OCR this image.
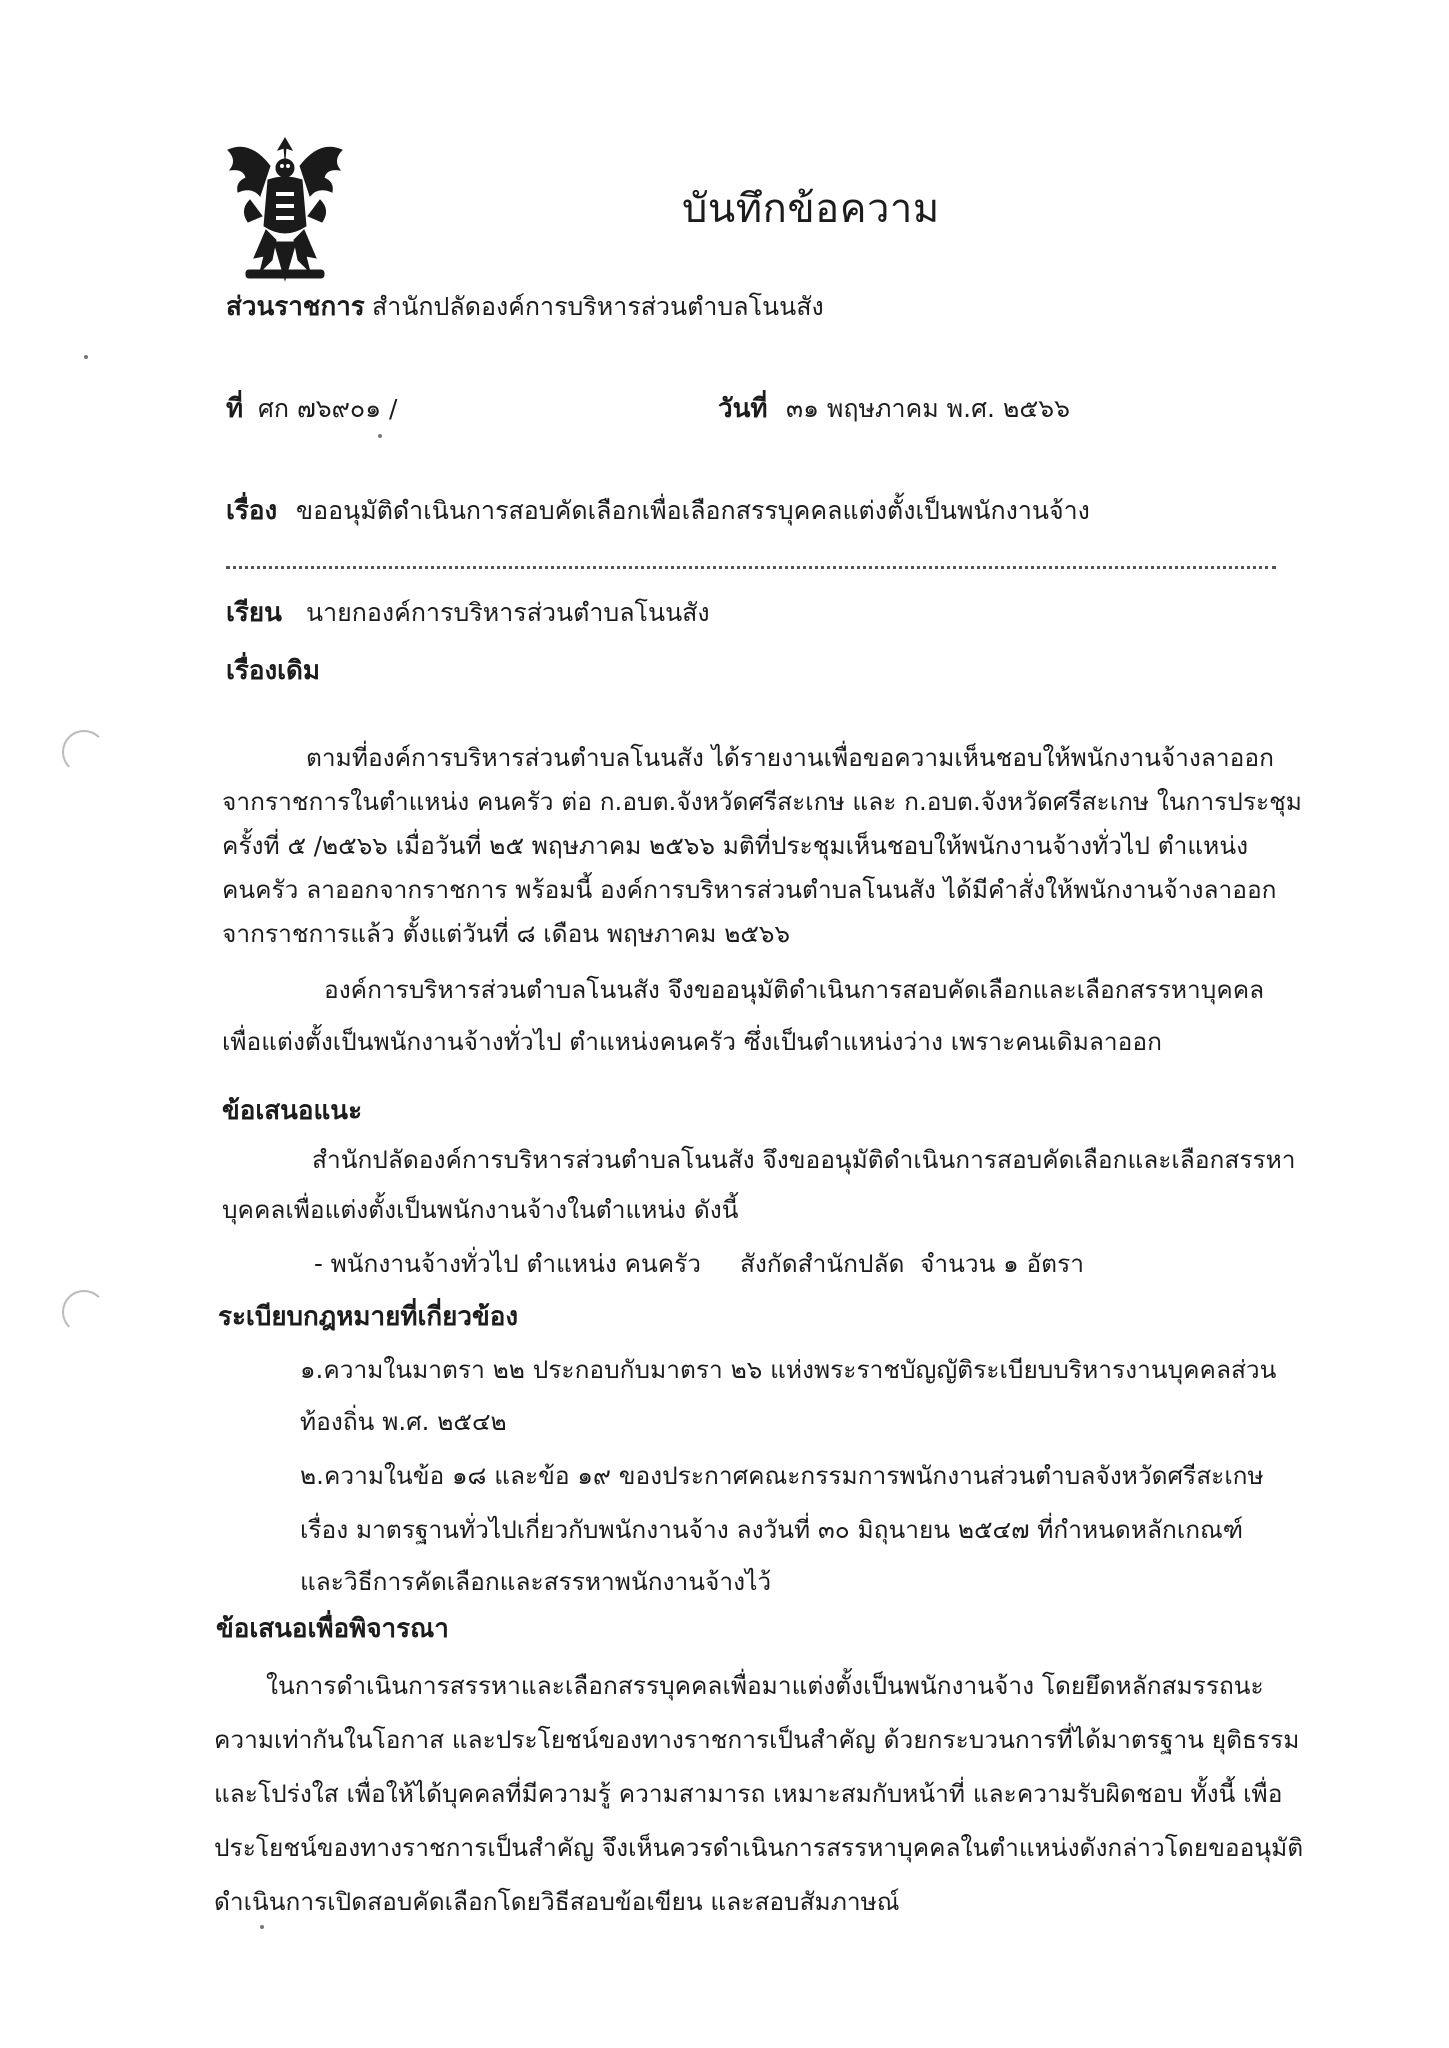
บันทึกข้อความ
ส่วนราชการ สำนักปลัดองค์การบริหารส่วนตำบลโนนสัง
ที่ ศก ๗๖๙๐๑ /	วันที่ ๓๑ พฤษภาคม พ.ศ. ๒๕๖๖
เรื่อง ขออนุมัติดำเนินการสอบคัดเลือกเพื่อเลือกสรรบุคคลแต่งตั้งเป็นพนักงานจ้าง
เรียน นายกองค์การบริหารส่วนตำบลโนนสัง
เรื่องเดิม
ตามที่องค์การบริหารส่วนตำบลโนนสัง ได้รายงานเพื่อขอความเห็นชอบให้พนักงานจ้างลาออก
จากราชการในตำแหน่ง คนครัว ต่อ ก.อบต.จังหวัดศรีสะเกษ และ ก.อบต.จังหวัดศรีสะเกษ ในการประชุม
ครั้งที่ ๕ /๒๕๖๖ เมื่อวันที่ ๒๕ พฤษภาคม ๒๕๖๖ มติที่ประชุมเห็นชอบให้พนักงานจ้างทั่วไป ตำแหน่ง
คนครัว ลาออกจากราชการ พร้อมนี้ องค์การบริหารส่วนตำบลโนนสัง ได้มีคำสั่งให้พนักงานจ้างลาออก
จากราชการแล้ว ตั้งแต่วันที่ ๘ เดือน พฤษภาคม ๒๕๖๖
องค์การบริหารส่วนตำบลโนนสัง จึงขออนุมัติดำเนินการสอบคัดเลือกและเลือกสรรหาบุคคล
เพื่อแต่งตั้งเป็นพนักงานจ้างทั่วไป ตำแหน่งคนครัว ซึ่งเป็นตำแหน่งว่าง เพราะคนเดิมลาออก
ข้อเสนอแนะ
สำนักปลัดองค์การบริหารส่วนตำบลโนนสัง จึงขออนุมัติดำเนินการสอบคัดเลือกและเลือกสรรหา
บุคคลเพื่อแต่งตั้งเป็นพนักงานจ้างในตำแหน่ง ดังนี้
- พนักงานจ้างทั่วไป ตำแหน่ง คนครัว     สังกัดสำนักปลัด  จำนวน ๑ อัตรา
ระเบียบกฎหมายที่เกี่ยวข้อง
๑.ความในมาตรา ๒๒ ประกอบกับมาตรา ๒๖ แห่งพระราชบัญญัติระเบียบบริหารงานบุคคลส่วน
ท้องถิ่น พ.ศ. ๒๕๔๒
๒.ความในข้อ ๑๘ และข้อ ๑๙ ของประกาศคณะกรรมการพนักงานส่วนตำบลจังหวัดศรีสะเกษ
เรื่อง มาตรฐานทั่วไปเกี่ยวกับพนักงานจ้าง ลงวันที่ ๓๐ มิถุนายน ๒๕๔๗ ที่กำหนดหลักเกณฑ์
และวิธีการคัดเลือกและสรรหาพนักงานจ้างไว้
ข้อเสนอเพื่อพิจารณา
ในการดำเนินการสรรหาและเลือกสรรบุคคลเพื่อมาแต่งตั้งเป็นพนักงานจ้าง โดยยึดหลักสมรรถนะ
ความเท่ากันในโอกาส และประโยชน์ของทางราชการเป็นสำคัญ ด้วยกระบวนการที่ได้มาตรฐาน ยุติธรรม
และโปร่งใส เพื่อให้ได้บุคคลที่มีความรู้ ความสามารถ เหมาะสมกับหน้าที่ และความรับผิดชอบ ทั้งนี้ เพื่อ
ประโยชน์ของทางราชการเป็นสำคัญ จึงเห็นควรดำเนินการสรรหาบุคคลในตำแหน่งดังกล่าวโดยขออนุมัติ
ดำเนินการเปิดสอบคัดเลือกโดยวิธีสอบข้อเขียน และสอบสัมภาษณ์
